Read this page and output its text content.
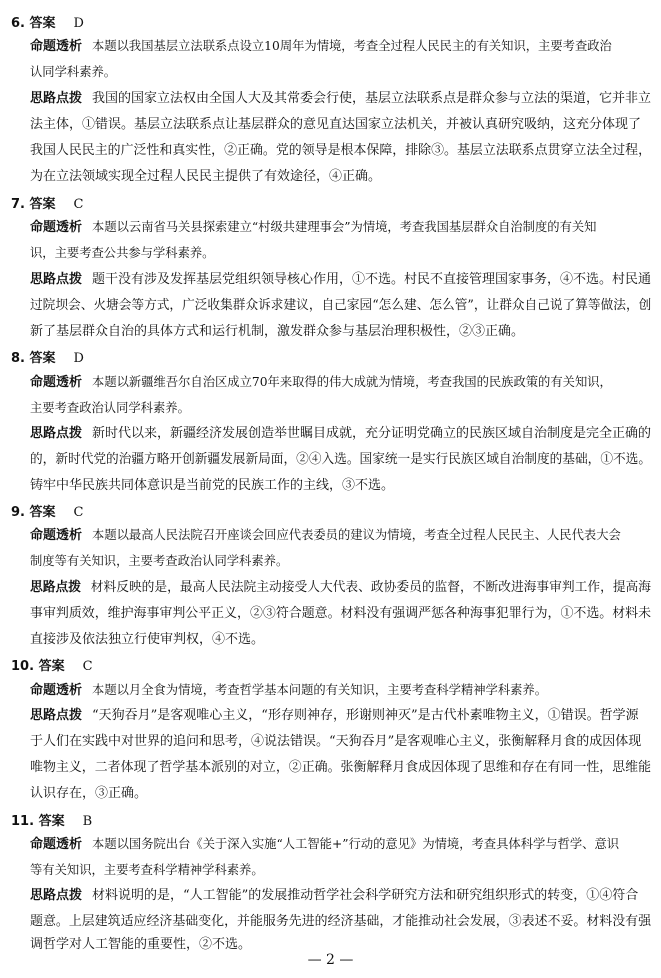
6. 答案 D
命题透析 本题以我国基层立法联系点设立10周年为情境，考查全过程人民民主的有关知识，主要考查政治
认同学科素养。
思路点拨 我国的国家立法权由全国人大及其常委会行使，基层立法联系点是群众参与立法的渠道，它并非立
法主体，①错误。基层立法联系点让基层群众的意见直达国家立法机关，并被认真研究吸纳，这充分体现了
我国人民民主的广泛性和真实性，②正确。党的领导是根本保障，排除③。基层立法联系点贯穿立法全过程，
为在立法领域实现全过程人民民主提供了有效途径，④正确。
7. 答案 C
命题透析 本题以云南省马关县探索建立“村级共建理事会”为情境，考查我国基层群众自治制度的有关知
识，主要考查公共参与学科素养。
思路点拨 题干没有涉及发挥基层党组织领导核心作用，①不选。村民不直接管理国家事务，④不选。村民通
过院坝会、火塘会等方式，广泛收集群众诉求建议，自己家园“怎么建、怎么管”，让群众自己说了算等做法，创
新了基层群众自治的具体方式和运行机制，激发群众参与基层治理积极性，②③正确。
8. 答案 D
命题透析 本题以新疆维吾尔自治区成立70年来取得的伟大成就为情境，考查我国的民族政策的有关知识，
主要考查政治认同学科素养。
思路点拨 新时代以来，新疆经济发展创造举世瞩目成就，充分证明党确立的民族区域自治制度是完全正确的
的，新时代党的治疆方略开创新疆发展新局面，②④入选。国家统一是实行民族区域自治制度的基础，①不选。
铸牢中华民族共同体意识是当前党的民族工作的主线，③不选。
9. 答案 C
命题透析 本题以最高人民法院召开座谈会回应代表委员的建议为情境，考查全过程人民民主、人民代表大会
制度等有关知识，主要考查政治认同学科素养。
思路点拨 材料反映的是，最高人民法院主动接受人大代表、政协委员的监督，不断改进海事审判工作，提高海
事审判质效，维护海事审判公平正义，②③符合题意。材料没有强调严惩各种海事犯罪行为，①不选。材料未
直接涉及依法独立行使审判权，④不选。
10. 答案 C
命题透析 本题以月全食为情境，考查哲学基本问题的有关知识，主要考查科学精神学科素养。
思路点拨 “天狗吞月”是客观唯心主义，“形存则神存，形谢则神灭”是古代朴素唯物主义，①错误。哲学源
于人们在实践中对世界的追问和思考，④说法错误。“天狗吞月”是客观唯心主义，张衡解释月食的成因体现
唯物主义，二者体现了哲学基本派别的对立，②正确。张衡解释月食成因体现了思维和存在有同一性，思维能
认识存在，③正确。
11. 答案 B
命题透析 本题以国务院出台《关于深入实施“人工智能+”行动的意见》为情境，考查具体科学与哲学、意识
等有关知识，主要考查科学精神学科素养。
思路点拨 材料说明的是，“人工智能”的发展推动哲学社会科学研究方法和研究组织形式的转变，①④符合
题意。上层建筑适应经济基础变化，并能服务先进的经济基础，才能推动社会发展，③表述不妥。材料没有强
调哲学对人工智能的重要性，②不选。
— 2 —
